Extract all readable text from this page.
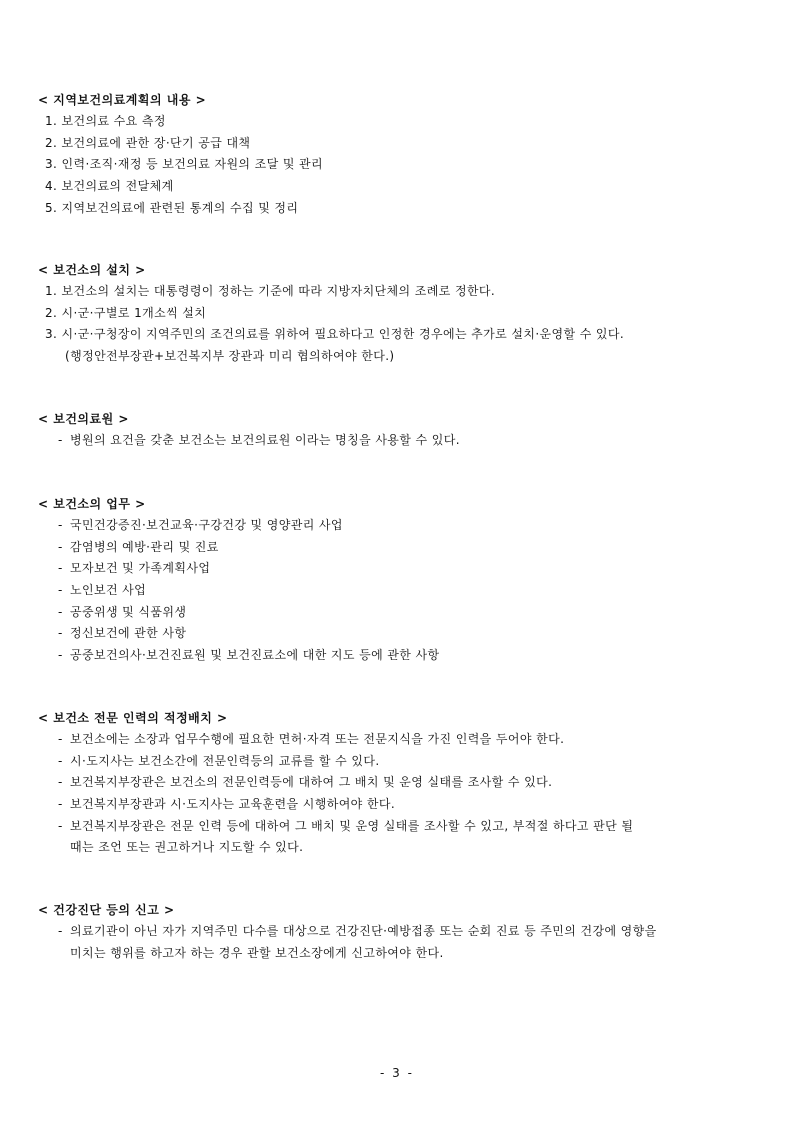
< 지역보건의료계획의 내용 >
1. 보건의료 수요 측정
2. 보건의료에 관한 장·단기 공급 대책
3. 인력·조직·재정 등 보건의료 자원의 조달 및 관리
4. 보건의료의 전달체계
5. 지역보건의료에 관련된 통계의 수집 및 정리
< 보건소의 설치 >
1. 보건소의 설치는 대통령령이 정하는 기준에 따라 지방자치단체의 조례로 정한다.
2. 시·군·구별로 1개소씩 설치
3. 시·군·구청장이 지역주민의 조건의료를 위하여 필요하다고 인정한 경우에는 추가로 설치·운영할 수 있다.
(행정안전부장관+보건복지부 장관과 미리 협의하여야 한다.)
< 보건의료원 >
- 병원의 요건을 갖춘 보건소는 보건의료원 이라는 명칭을 사용할 수 있다.
< 보건소의 업무 >
- 국민건강증진·보건교육·구강건강 및 영양관리 사업
- 감염병의 예방·관리 및 진료
- 모자보건 및 가족계획사업
- 노인보건 사업
- 공중위생 및 식품위생
- 정신보건에 관한 사항
- 공중보건의사·보건진료원 및 보건진료소에 대한 지도 등에 관한 사항
< 보건소 전문 인력의 적정배치 >
- 보건소에는 소장과 업무수행에 필요한 면허·자격 또는 전문지식을 가진 인력을 두어야 한다.
- 시·도지사는 보건소간에 전문인력등의 교류를 할 수 있다.
- 보건복지부장관은 보건소의 전문인력등에 대하여 그 배치 및 운영 실태를 조사할 수 있다.
- 보건복지부장관과 시·도지사는 교육훈련을 시행하여야 한다.
- 보건복지부장관은 전문 인력 등에 대하여 그 배치 및 운영 실태를 조사할 수 있고, 부적절 하다고 판단 될
때는 조언 또는 권고하거나 지도할 수 있다.
< 건강진단 등의 신고 >
- 의료기관이 아닌 자가 지역주민 다수를 대상으로 건강진단·예방접종 또는 순회 진료 등 주민의 건강에 영향을
미치는 행위를 하고자 하는 경우 관할 보건소장에게 신고하여야 한다.
- 3 -
